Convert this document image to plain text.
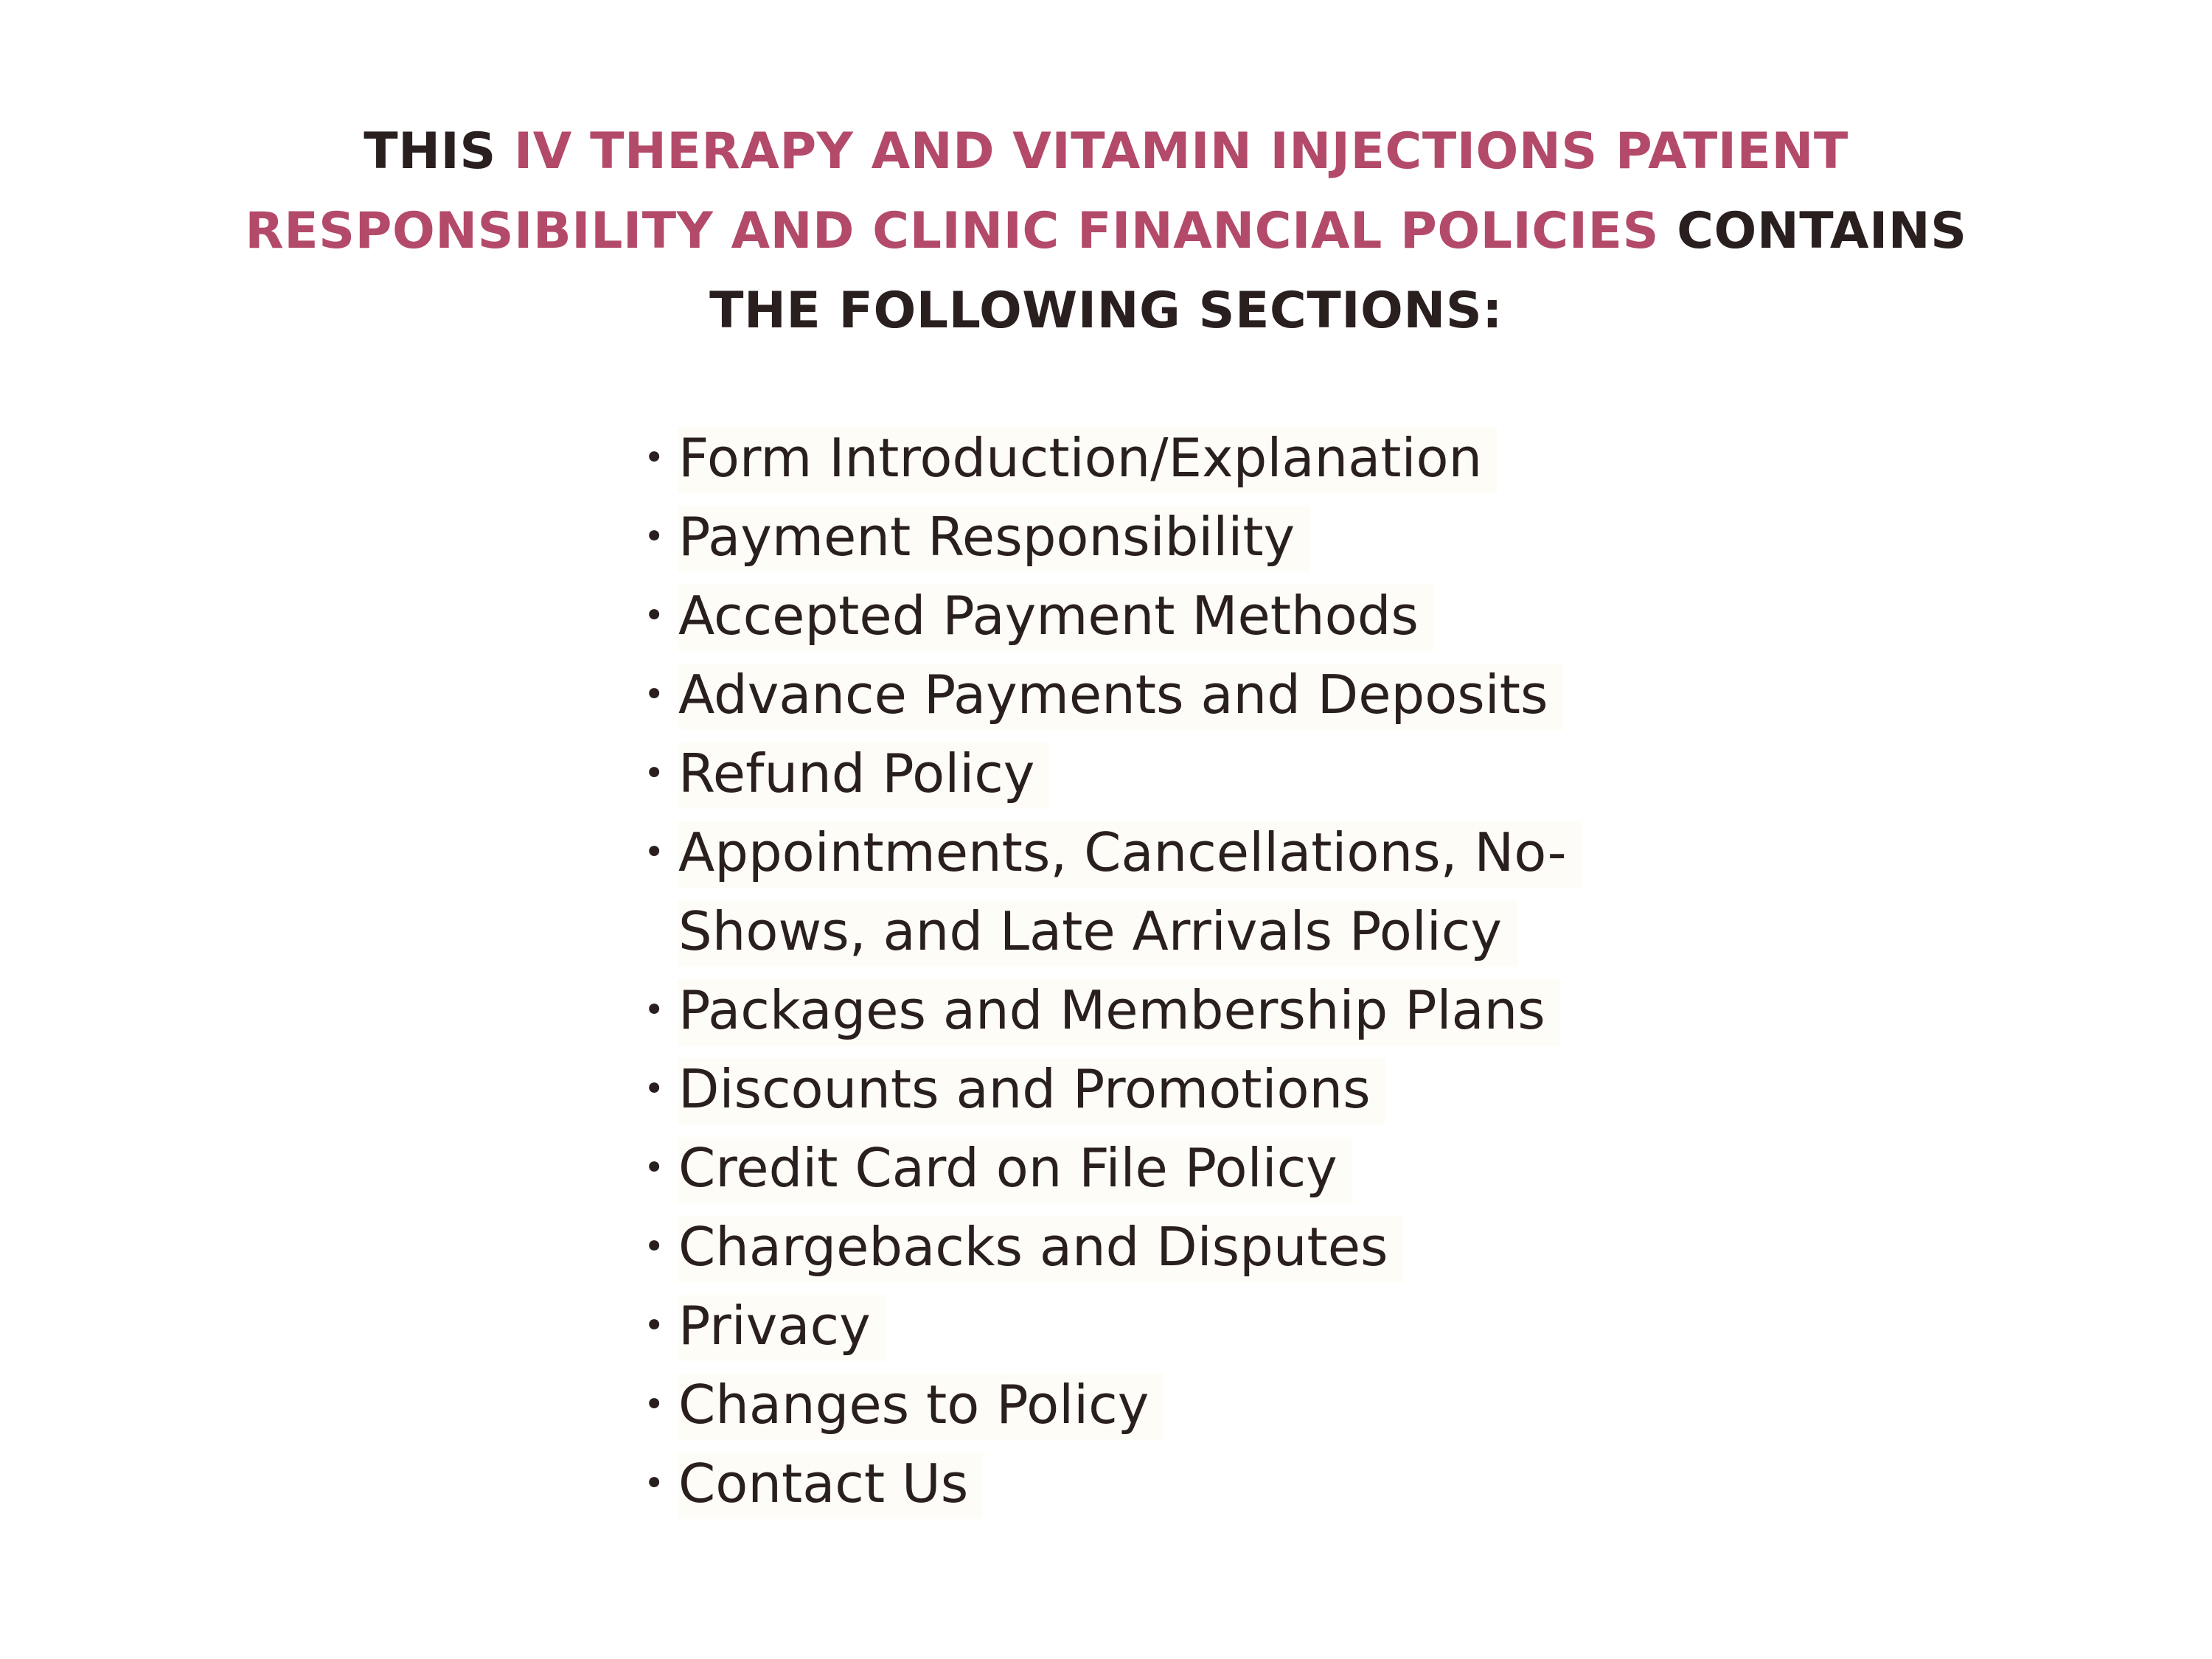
THIS IV THERAPY AND VITAMIN INJECTIONS PATIENT RESPONSIBILITY AND CLINIC FINANCIAL POLICIES CONTAINS THE FOLLOWING SECTIONS:
•
Form Introduction/Explanation
•
Payment Responsibility
•
Accepted Payment Methods
•
Advance Payments and Deposits
•
Refund Policy
•
Appointments, Cancellations, No-Shows, and Late Arrivals Policy
•
Packages and Membership Plans
•
Discounts and Promotions
•
Credit Card on File Policy
•
Chargebacks and Disputes
•
Privacy
•
Changes to Policy
•
Contact Us
